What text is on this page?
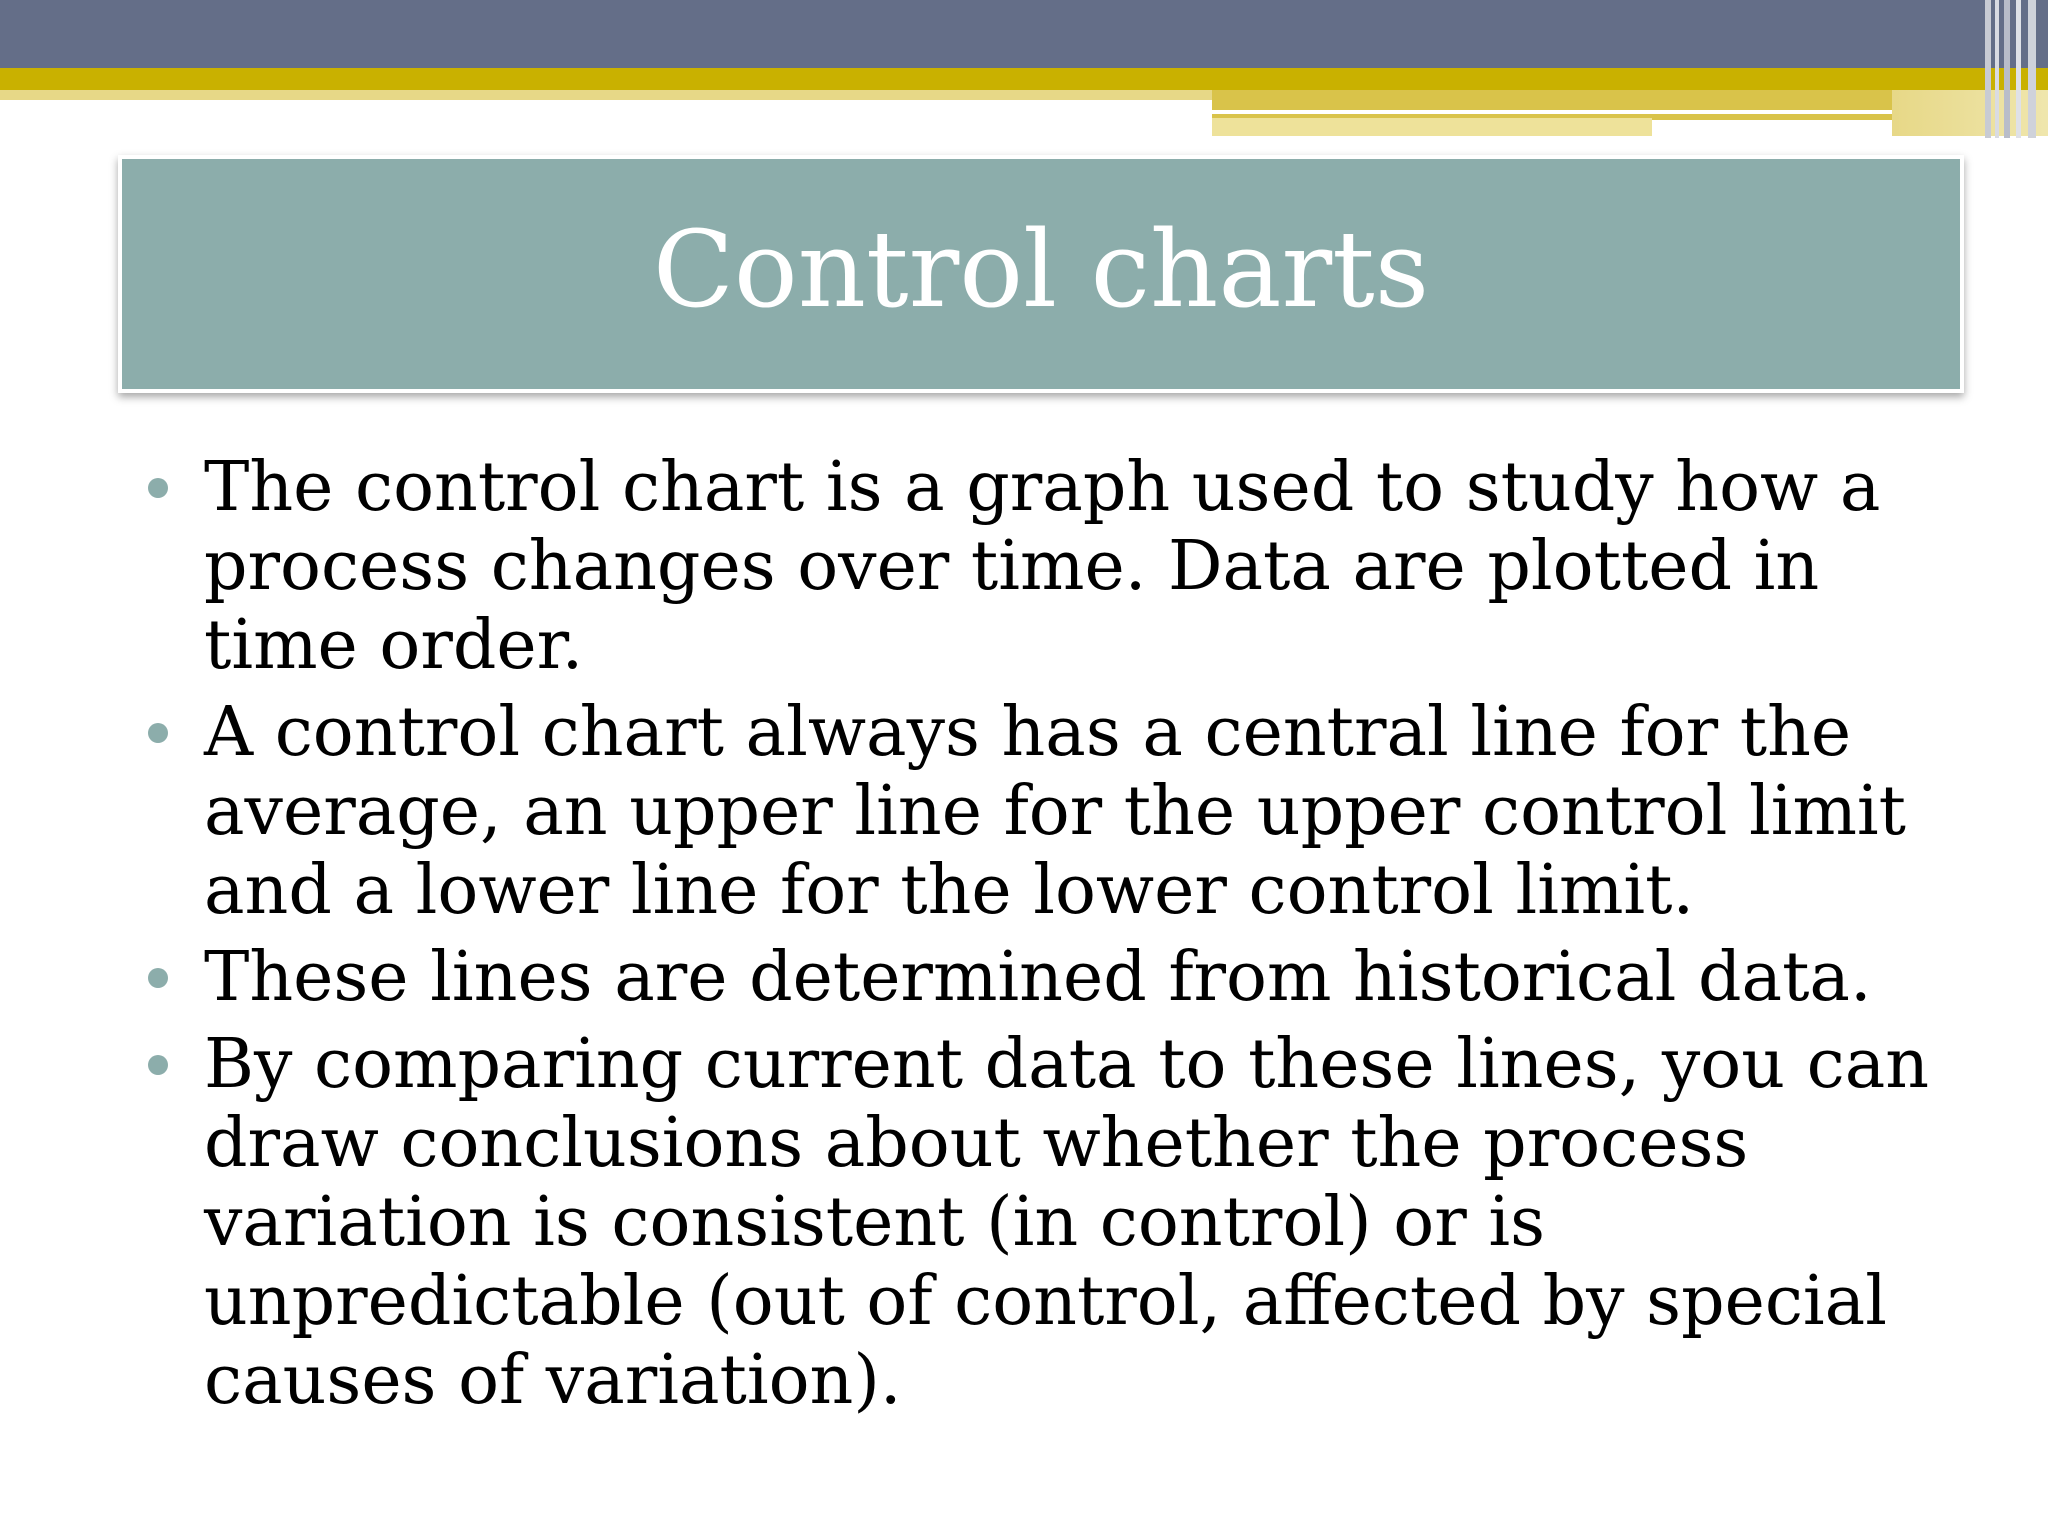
Control charts
The control chart is a graph used to study how a process changes over time. Data are plotted in time order.
A control chart always has a central line for the average, an upper line for the upper control limit and a lower line for the lower control limit.
These lines are determined from historical data.
By comparing current data to these lines, you can draw conclusions about whether the process variation is consistent (in control) or is unpredictable (out of control, affected by special causes of variation).
